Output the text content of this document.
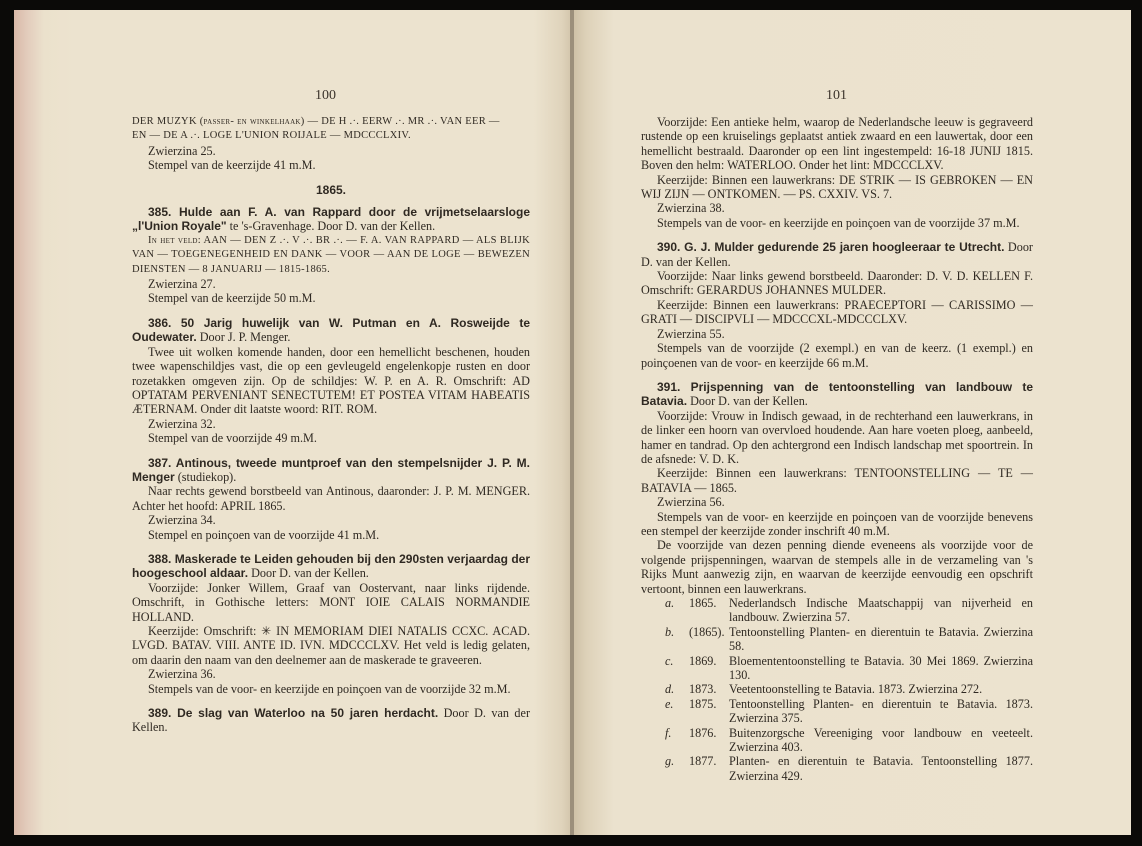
100

DER MUZYK (passer- en winkelhaak) — DE H .·. EERW .·. MR .·. VAN EER —

EN — DE A .·. LOGE L'UNION ROIJALE — MDCCCLXIV.

Zwierzina 25.

Stempel van de keerzijde 41 m.M.

1865.

385. Hulde aan F. A. van Rappard door de vrijmetselaarsloge „l'Union Royale" te 's-Gravenhage. Door D. van der Kellen.

In het veld: AAN — DEN Z .·. V .·. BR .·. — F. A. VAN RAPPARD — ALS BLIJK VAN — TOEGENEGENHEID EN DANK — VOOR — AAN DE LOGE — BEWEZEN DIENSTEN — 8 JANUARIJ — 1815-1865.

Zwierzina 27.

Stempel van de keerzijde 50 m.M.

386. 50 Jarig huwelijk van W. Putman en A. Rosweijde te Oudewater. Door J. P. Menger.

Twee uit wolken komende handen, door een hemellicht beschenen, houden twee wapenschildjes vast, die op een gevleugeld engelenkopje rusten en door rozetakken omgeven zijn. Op de schildjes: W. P. en A. R. Omschrift: AD OPTATAM PERVENIANT SENECTUTEM! ET POSTEA VITAM HABEATIS ÆTERNAM. Onder dit laatste woord: RIT. ROM.

Zwierzina 32.

Stempel van de voorzijde 49 m.M.

387. Antinous, tweede muntproef van den stempelsnijder J. P. M. Menger (studiekop).

Naar rechts gewend borstbeeld van Antinous, daaronder: J. P. M. MENGER. Achter het hoofd: APRIL 1865.

Zwierzina 34.

Stempel en poinçoen van de voorzijde 41 m.M.

388. Maskerade te Leiden gehouden bij den 290sten verjaardag der hoogeschool aldaar. Door D. van der Kellen.

Voorzijde: Jonker Willem, Graaf van Oostervant, naar links rijdende. Omschrift, in Gothische letters: MONT IOIE CALAIS NORMANDIE HOLLAND.

Keerzijde: Omschrift: ✳ IN MEMORIAM DIEI NATALIS CCXC. ACAD. LVGD. BATAV. VIII. ANTE ID. IVN. MDCCCLXV. Het veld is ledig gelaten, om daarin den naam van den deelnemer aan de maskerade te graveeren.

Zwierzina 36.

Stempels van de voor- en keerzijde en poinçoen van de voorzijde 32 m.M.

389. De slag van Waterloo na 50 jaren herdacht. Door D. van der Kellen.

101

Voorzijde: Een antieke helm, waarop de Nederlandsche leeuw is gegraveerd rustende op een kruiselings geplaatst antiek zwaard en een lauwertak, door een hemellicht bestraald. Daaronder op een lint ingestempeld: 16-18 JUNIJ 1815. Boven den helm: WATERLOO. Onder het lint: MDCCCLXV.

Keerzijde: Binnen een lauwerkrans: DE STRIK — IS GEBROKEN — EN WIJ ZIJN — ONTKOMEN. — PS. CXXIV. VS. 7.

Zwierzina 38.

Stempels van de voor- en keerzijde en poinçoen van de voorzijde 37 m.M.

390. G. J. Mulder gedurende 25 jaren hoogleeraar te Utrecht. Door D. van der Kellen.

Voorzijde: Naar links gewend borstbeeld. Daaronder: D. V. D. KELLEN F. Omschrift: GERARDUS JOHANNES MULDER.

Keerzijde: Binnen een lauwerkrans: PRAECEPTORI — CARISSIMO — GRATI — DISCIPVLI — MDCCCXL-MDCCCLXV.

Zwierzina 55.

Stempels van de voorzijde (2 exempl.) en van de keerz. (1 exempl.) en poinçoenen van de voor- en keerzijde 66 m.M.

391. Prijspenning van de tentoonstelling van landbouw te Batavia. Door D. van der Kellen.

Voorzijde: Vrouw in Indisch gewaad, in de rechterhand een lauwerkrans, in de linker een hoorn van overvloed houdende. Aan hare voeten ploeg, aanbeeld, hamer en tandrad. Op den achtergrond een Indisch landschap met spoortrein. In de afsnede: V. D. K.

Keerzijde: Binnen een lauwerkrans: TENTOONSTELLING — TE — BATAVIA — 1865.

Zwierzina 56.

Stempels van de voor- en keerzijde en poinçoen van de voorzijde benevens een stempel der keerzijde zonder inschrift 40 m.M.

De voorzijde van dezen penning diende eveneens als voorzijde voor de volgende prijspenningen, waarvan de stempels alle in de verzameling van 's Rijks Munt aanwezig zijn, en waarvan de keerzijde eenvoudig een opschrift vertoont, binnen een lauwerkrans.

a.	1865.	Nederlandsch Indische Maatschappij van nijverheid en landbouw. Zwierzina 57.
b.	(1865). Tentoonstelling Planten- en dierentuin te Batavia. Zwierzina 58.
c.	1869.	Bloemententoonstelling te Batavia. 30 Mei 1869. Zwierzina 130.
d.	1873.	Veetentoonstelling te Batavia. 1873. Zwierzina 272.
e.	1875.	Tentoonstelling Planten- en dierentuin te Batavia. 1873. Zwierzina 375.
f.	1876.	Buitenzorgsche Vereeniging voor landbouw en veeteelt. Zwierzina 403.
g.	1877.	Planten- en dierentuin te Batavia. Tentoonstelling 1877. Zwierzina 429.
